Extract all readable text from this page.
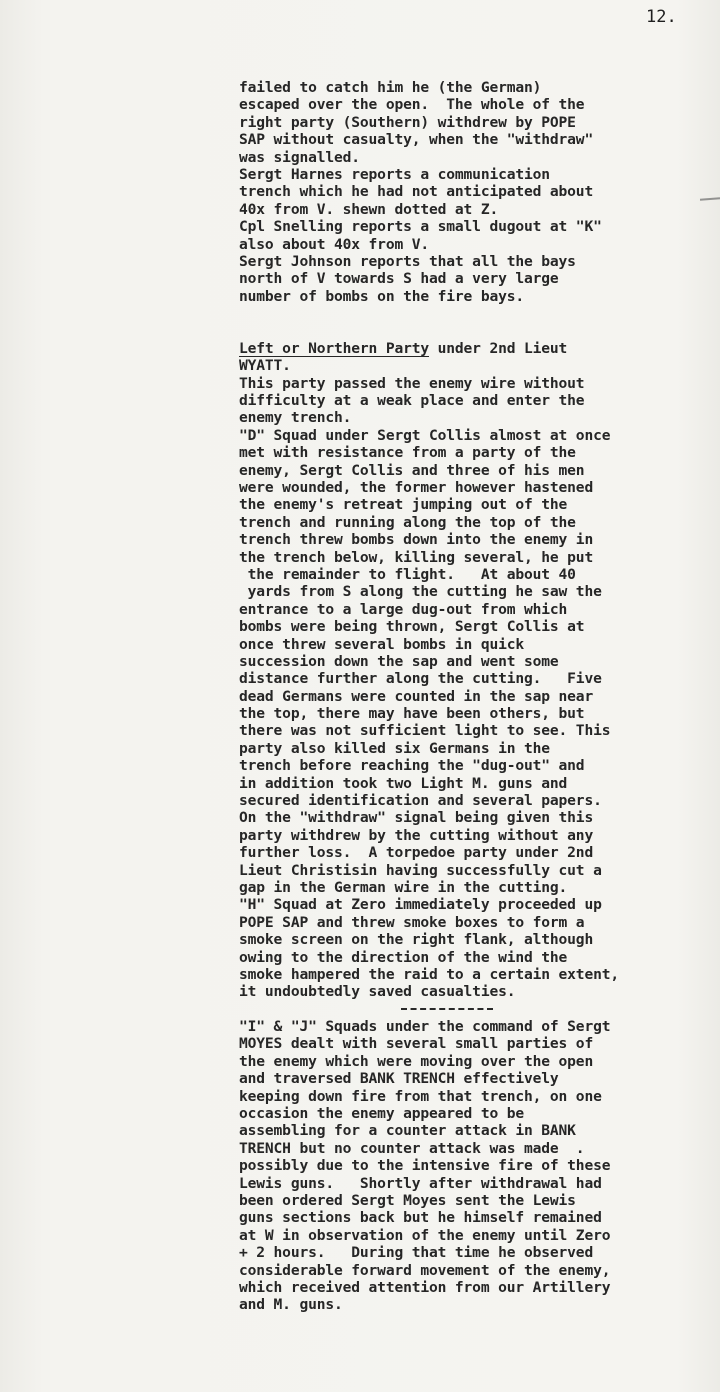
12.
failed to catch him he (the German)
escaped over the open.  The whole of the
right party (Southern) withdrew by POPE
SAP without casualty, when the "withdraw"
was signalled.
Sergt Harnes reports a communication
trench which he had not anticipated about
40x from V. shewn dotted at Z.
Cpl Snelling reports a small dugout at "K"
also about 40x from V.
Sergt Johnson reports that all the bays
north of V towards S had a very large
number of bombs on the fire bays.
Left or Northern Party under 2nd Lieut
WYATT.
This party passed the enemy wire without
difficulty at a weak place and enter the
enemy trench.
"D" Squad under Sergt Collis almost at once
met with resistance from a party of the
enemy, Sergt Collis and three of his men
were wounded, the former however hastened
the enemy's retreat jumping out of the
trench and running along the top of the
trench threw bombs down into the enemy in
the trench below, killing several, he put
the remainder to flight.   At about 40
yards from S along the cutting he saw the
entrance to a large dug-out from which
bombs were being thrown, Sergt Collis at
once threw several bombs in quick
succession down the sap and went some
distance further along the cutting.   Five
dead Germans were counted in the sap near
the top, there may have been others, but
there was not sufficient light to see. This
party also killed six Germans in the
trench before reaching the "dug-out" and
in addition took two Light M. guns and
secured identification and several papers.
On the "withdraw" signal being given this
party withdrew by the cutting without any
further loss.  A torpedoe party under 2nd
Lieut Christisin having successfully cut a
gap in the German wire in the cutting.
"H" Squad at Zero immediately proceeded up
POPE SAP and threw smoke boxes to form a
smoke screen on the right flank, although
owing to the direction of the wind the
smoke hampered the raid to a certain extent,
it undoubtedly saved casualties.
"I" & "J" Squads under the command of Sergt
MOYES dealt with several small parties of
the enemy which were moving over the open
and traversed BANK TRENCH effectively
keeping down fire from that trench, on one
occasion the enemy appeared to be
assembling for a counter attack in BANK
TRENCH but no counter attack was made  .
possibly due to the intensive fire of these
Lewis guns.   Shortly after withdrawal had
been ordered Sergt Moyes sent the Lewis
guns sections back but he himself remained
at W in observation of the enemy until Zero
+ 2 hours.   During that time he observed
considerable forward movement of the enemy,
which received attention from our Artillery
and M. guns.
